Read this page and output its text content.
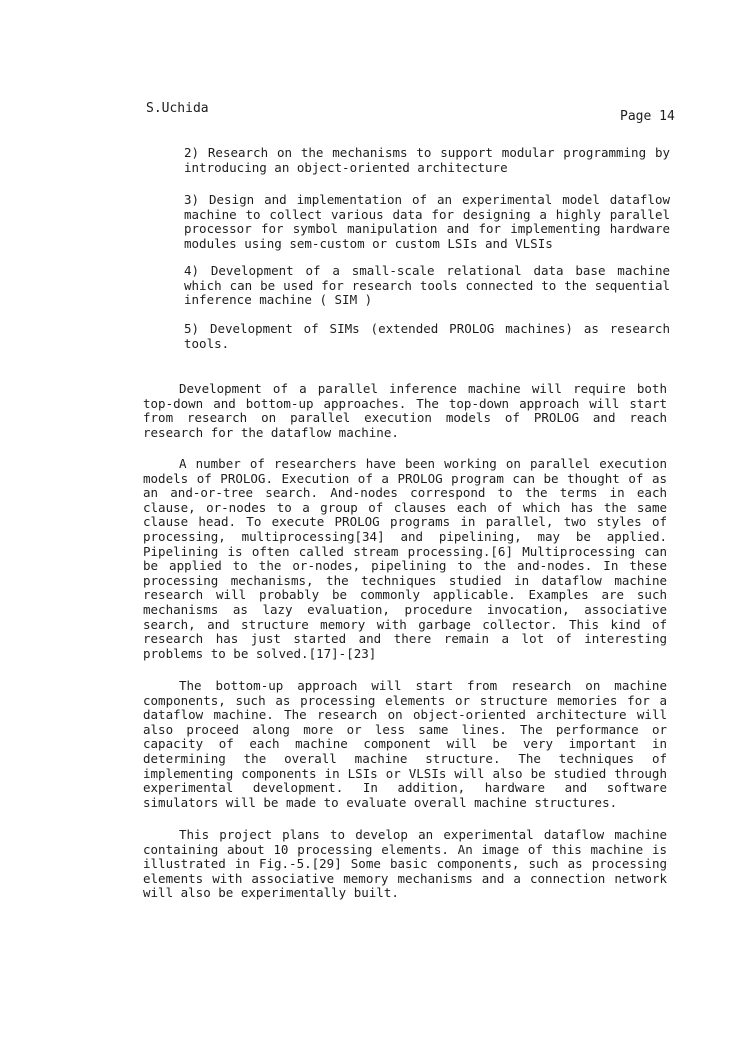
S.Uchida
Page 14

2) Research on the mechanisms to support modular programming by introducing an object-oriented architecture

3) Design and implementation of an experimental model dataflow machine to collect various data for designing a highly parallel processor for symbol manipulation and for implementing hardware modules using sem-custom or custom LSIs and VLSIs

4) Development of a small-scale relational data base machine which can be used for research tools connected to the sequential inference machine ( SIM )

5) Development of SIMs (extended PROLOG machines) as research tools.

Development of a parallel inference machine will require both top-down and bottom-up approaches. The top-down approach will start from research on parallel execution models of PROLOG and reach research for the dataflow machine.

A number of researchers have been working on parallel execution models of PROLOG. Execution of a PROLOG program can be thought of as an and-or-tree search. And-nodes correspond to the terms in each clause, or-nodes to a group of clauses each of which has the same clause head. To execute PROLOG programs in parallel, two styles of processing, multiprocessing[34] and pipelining, may be applied. Pipelining is often called stream processing.[6] Multiprocessing can be applied to the or-nodes, pipelining to the and-nodes. In these processing mechanisms, the techniques studied in dataflow machine research will probably be commonly applicable. Examples are such mechanisms as lazy evaluation, procedure invocation, associative search, and structure memory with garbage collector. This kind of research has just started and there remain a lot of interesting problems to be solved.[17]-[23]

The bottom-up approach will start from research on machine components, such as processing elements or structure memories for a dataflow machine. The research on object-oriented architecture will also proceed along more or less same lines. The performance or capacity of each machine component will be very important in determining the overall machine structure. The techniques of implementing components in LSIs or VLSIs will also be studied through experimental development. In addition, hardware and software simulators will be made to evaluate overall machine structures.

This project plans to develop an experimental dataflow machine containing about 10 processing elements. An image of this machine is illustrated in Fig.-5.[29] Some basic components, such as processing elements with associative memory mechanisms and a connection network will also be experimentally built.
